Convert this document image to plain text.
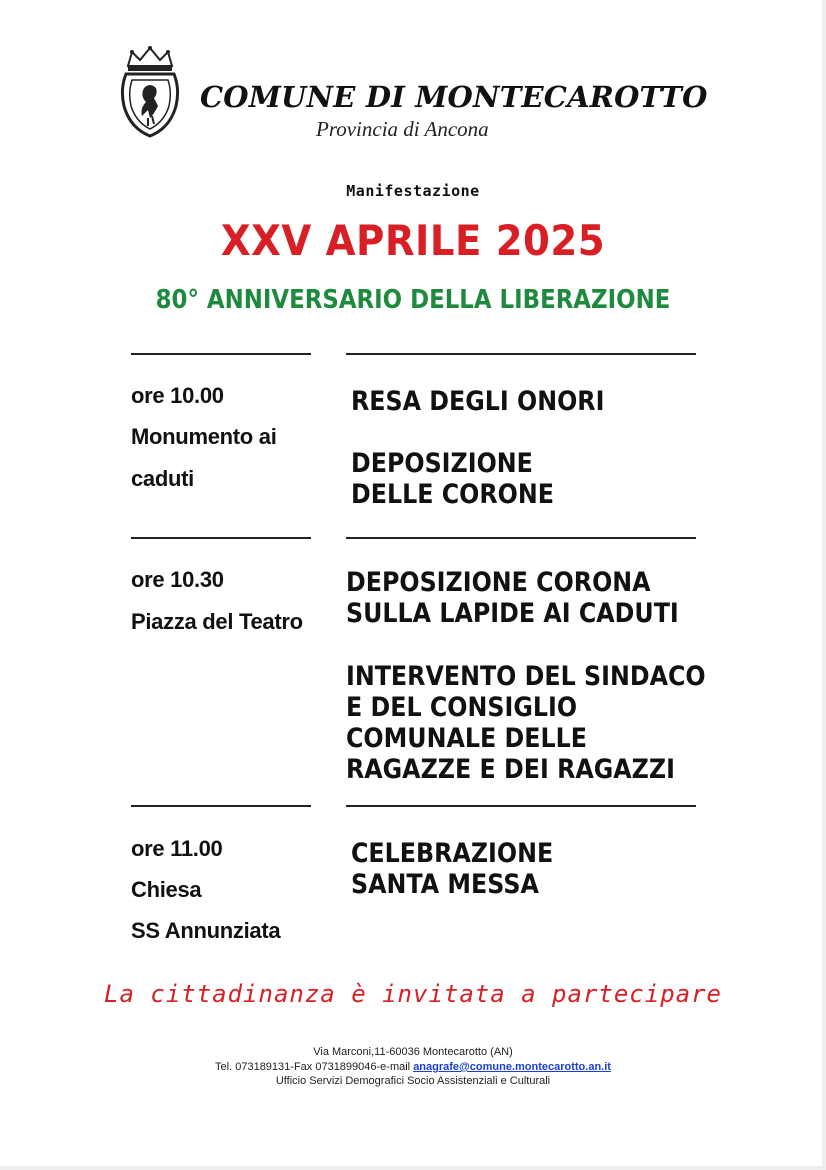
COMUNE DI MONTECAROTTO
Provincia di Ancona
Manifestazione
XXV APRILE 2025
80° ANNIVERSARIO DELLA LIBERAZIONE
ore 10.00
Monumento ai
caduti
RESA DEGLI ONORI
DEPOSIZIONE
DELLE CORONE
ore 10.30
Piazza del Teatro
DEPOSIZIONE CORONA
SULLA LAPIDE AI CADUTI
INTERVENTO DEL SINDACO
E DEL CONSIGLIO
COMUNALE DELLE
RAGAZZE E DEI RAGAZZI
ore 11.00
Chiesa
SS Annunziata
CELEBRAZIONE
SANTA MESSA
La cittadinanza è invitata a partecipare
Via Marconi,11-60036 Montecarotto (AN)
Tel. 073189131-Fax 0731899046-e-mail anagrafe@comune.montecarotto.an.it
Ufficio Servizi Demografici Socio Assistenziali e Culturali
